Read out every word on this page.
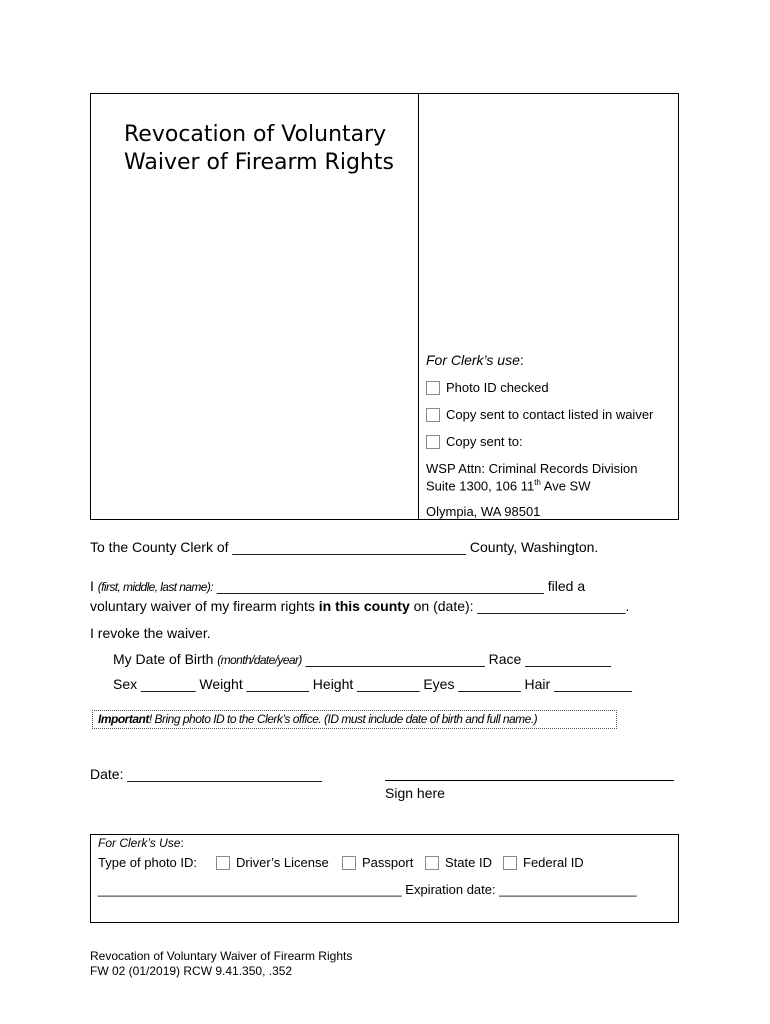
Revocation of Voluntary
Waiver of Firearm Rights
For Clerk’s use:
Photo ID checked
Copy sent to contact listed in waiver
Copy sent to:
WSP Attn: Criminal Records Division
Suite 1300, 106 11th Ave SW
Olympia, WA 98501
To the County Clerk of ______________________________ County, Washington.
I (first, middle, last name): __________________________________________ filed a
voluntary waiver of my firearm rights in this county on (date): ___________________.
I revoke the waiver.
My Date of Birth (month/date/year) _______________________ Race ___________
Sex _______ Weight ________ Height ________ Eyes ________ Hair __________
Important! Bring photo ID to the Clerk’s office. (ID must include date of birth and full name.)
Date: _________________________
Sign here
For Clerk’s Use:
Type of photo ID:	Driver’s License	Passport State ID Federal ID
__________________________________________ Expiration date: ___________________
Revocation of Voluntary Waiver of Firearm Rights
FW 02 (01/2019) RCW 9.41.350, .352
